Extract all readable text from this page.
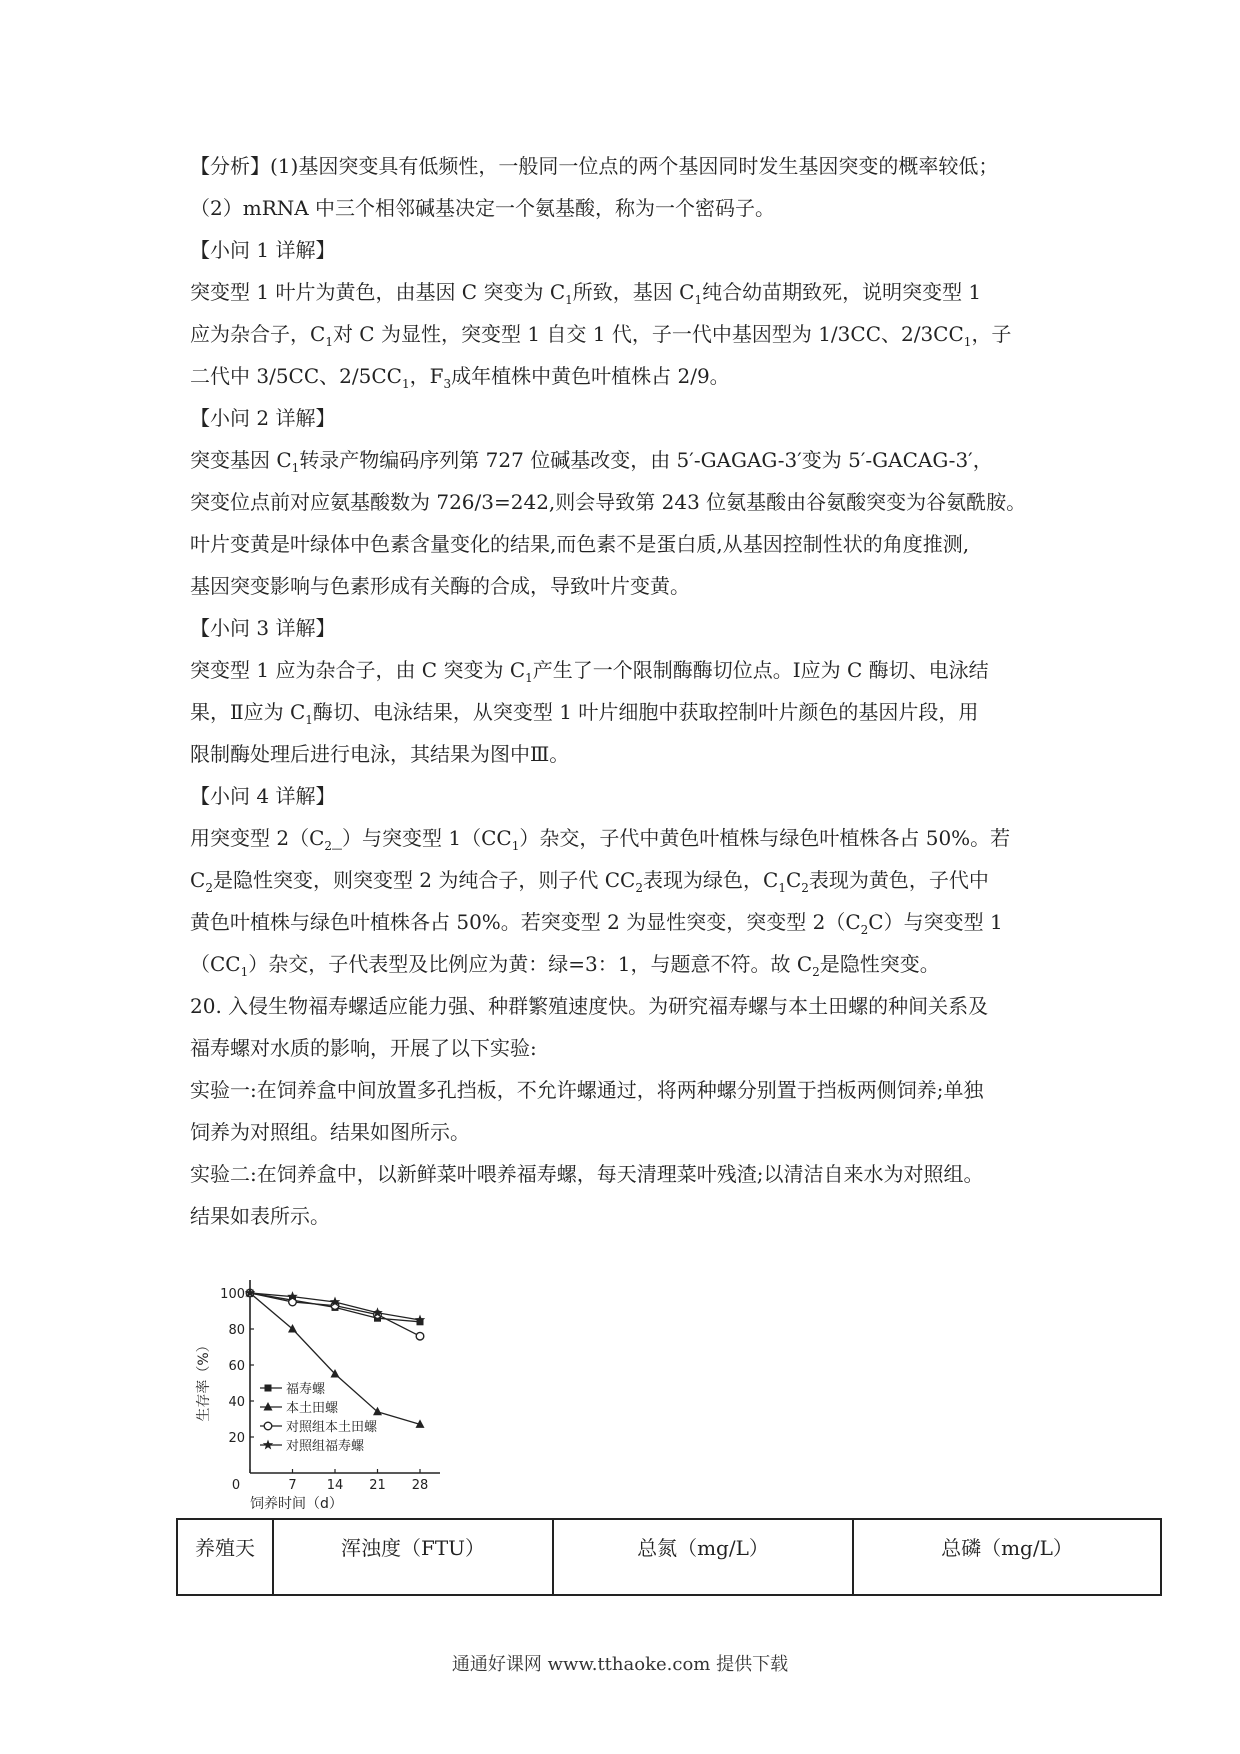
【分析】(1)基因突变具有低频性，一般同一位点的两个基因同时发生基因突变的概率较低；
（2）mRNA 中三个相邻碱基决定一个氨基酸，称为一个密码子。
【小问 1 详解】
突变型 1 叶片为黄色，由基因 C 突变为 $C_1$所致，基因 $C_1$纯合幼苗期致死，说明突变型 1
应为杂合子，$C_1$对 C 为显性，突变型 1 自交 1 代，子一代中基因型为 1/3CC、$2/3CC_1$，子
二代中 3/5CC、$2/5CC_1$，$F_3$成年植株中黄色叶植株占 2/9。
【小问 2 详解】
突变基因 $C_1$转录产物编码序列第 727 位碱基改变，由 5′-GAGAG-3′变为 5′-GACAG-3′，
突变位点前对应氨基酸数为 726/3=242,则会导致第 243 位氨基酸由谷氨酸突变为谷氨酰胺。
叶片变黄是叶绿体中色素含量变化的结果,而色素不是蛋白质,从基因控制性状的角度推测,
基因突变影响与色素形成有关酶的合成，导致叶片变黄。
【小问 3 详解】
突变型 1 应为杂合子，由 C 突变为 $C_1$产生了一个限制酶酶切位点。Ⅰ应为 C 酶切、电泳结
果，Ⅱ应为 $C_1$酶切、电泳结果，从突变型 1 叶片细胞中获取控制叶片颜色的基因片段，用
限制酶处理后进行电泳，其结果为图中Ⅲ。
【小问 4 详解】
用突变型 $2(C_2\_)$与突变型 $1(CC_1)$杂交，子代中黄色叶植株与绿色叶植株各占 50%。若
$C_2$是隐性突变，则突变型 2 为纯合子，则子代 $CC_2$表现为绿色，$C_1C_2$表现为黄色，子代中
黄色叶植株与绿色叶植株各占 50%。若突变型 2 为显性突变，突变型 $2(C_2C)$与突变型 1
$(CC_1)$杂交，子代表型及比例应为黄：绿=3：1，与题意不符。故 $C_2$是隐性突变。
20. 入侵生物福寿螺适应能力强、种群繁殖速度快。为研究福寿螺与本土田螺的种间关系及
福寿螺对水质的影响，开展了以下实验:
实验一:在饲养盒中间放置多孔挡板，不允许螺通过，将两种螺分别置于挡板两侧饲养;单独
饲养为对照组。结果如图所示。
实验二:在饲养盒中，以新鲜菜叶喂养福寿螺，每天清理菜叶残渣;以清洁自来水为对照组。
结果如表所示。
0	7 14 21 28
20
40
60
80
100
饲养时间（d）
生存率（%）	福寿螺
本土田螺
对照组本土田螺
对照组福寿螺
养殖天	浑浊度（FTU）	总氮（mg/L）	总磷（mg/L）
通通好课网 www.tthaoke.com 提供下载
